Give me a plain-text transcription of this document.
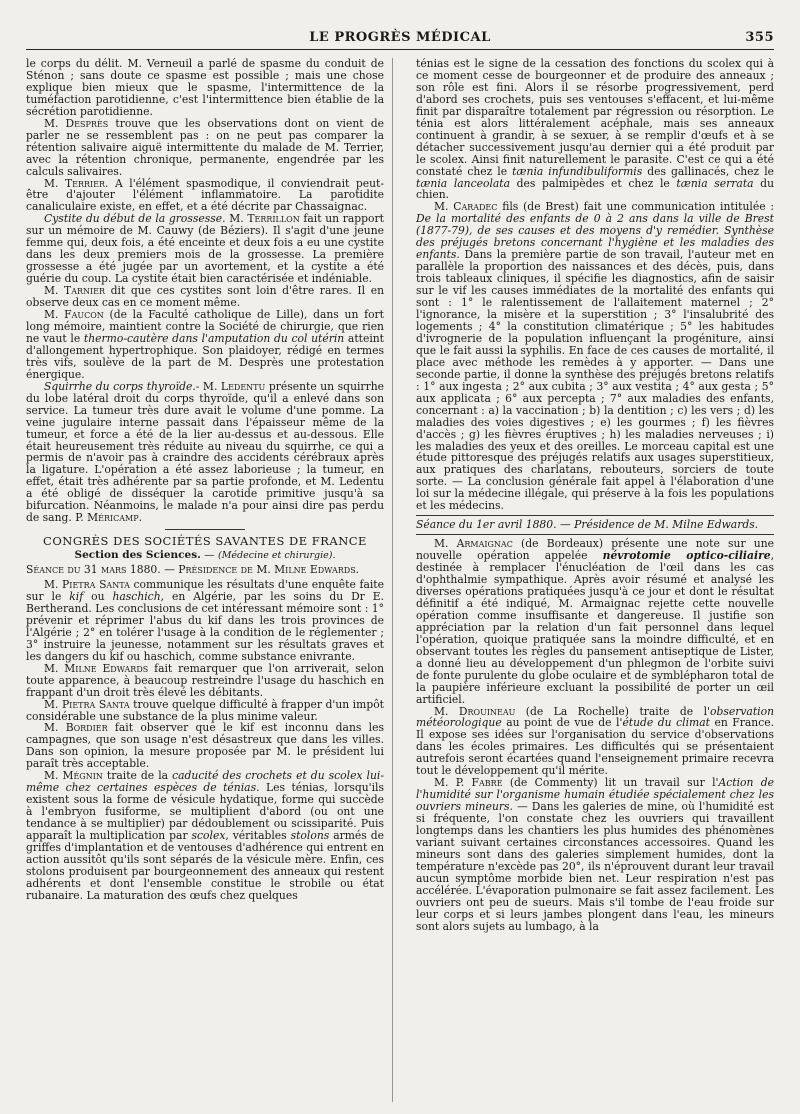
LE PROGRÈS MÉDICAL	355

le corps du délit. M. Verneuil a parlé de spasme du conduit de Sténon ; sans doute ce spasme est possible ; mais une chose explique bien mieux que le spasme, l'intermittence de la tuméfaction parotidienne, c'est l'intermittence bien établie de la sécrétion parotidienne.

M. Desprès trouve que les observations dont on vient de parler ne se ressemblent pas : on ne peut pas comparer la rétention salivaire aiguë intermittente du malade de M. Terrier, avec la rétention chronique, permanente, engendrée par les calculs salivaires.

M. Terrier. A l'élément spasmodique, il conviendrait peut-être d'ajouter l'élément inflammatoire. La parotidite canaliculaire existe, en effet, et a été décrite par Chassaignac.

Cystite du début de la grossesse. M. Terrillon fait un rapport sur un mémoire de M. Cauwy (de Béziers). Il s'agit d'une jeune femme qui, deux fois, a été enceinte et deux fois a eu une cystite dans les deux premiers mois de la grossesse. La première grossesse a été jugée par un avortement, et la cystite a été guérie du coup. La cystite était bien caractérisée et indéniable.

M. Tarnier dit que ces cystites sont loin d'être rares. Il en observe deux cas en ce moment même.

M. Faucon (de la Faculté catholique de Lille), dans un fort long mémoire, maintient contre la Société de chirurgie, que rien ne vaut le thermo-cautère dans l'amputation du col utérin atteint d'allongement hypertrophique. Son plaidoyer, rédigé en termes très vifs, soulève de la part de M. Desprès une protestation énergique.

Squirrhe du corps thyroïde.- M. Ledentu présente un squirrhe du lobe latéral droit du corps thyroïde, qu'il a enlevé dans son service. La tumeur très dure avait le volume d'une pomme. La veine jugulaire interne passait dans l'épaisseur même de la tumeur, et force a été de la lier au-dessus et au-dessous. Elle était heureusement très réduite au niveau du squirrhe, ce qui a permis de n'avoir pas à craindre des accidents cérébraux après la ligature. L'opération a été assez laborieuse ; la tumeur, en effet, était très adhérente par sa partie profonde, et M. Ledentu a été obligé de disséquer la carotide primitive jusqu'à sa bifurcation. Néanmoins, le malade n'a pour ainsi dire pas perdu de sang. P. Méricamp.

CONGRÈS DES SOCIÉTÉS SAVANTES DE FRANCE
Section des Sciences. — (Médecine et chirurgie).

Séance du 31 mars 1880. — Présidence de M. Milne Edwards.

M. Pietra Santa communique les résultats d'une enquête faite sur le kif ou haschich, en Algérie, par les soins du Dr E. Bertherand. Les conclusions de cet intéressant mémoire sont : 1° prévenir et réprimer l'abus du kif dans les trois provinces de l'Algérie ; 2° en tolérer l'usage à la condition de le réglementer ; 3° instruire la jeunesse, notamment sur les résultats graves et les dangers du kif ou haschich, comme substance enivrante.

M. Milne Edwards fait remarquer que l'on arriverait, selon toute apparence, à beaucoup restreindre l'usage du haschich en frappant d'un droit très élevé les débitants.

M. Pietra Santa trouve quelque difficulté à frapper d'un impôt considérable une substance de la plus minime valeur.

M. Bordier fait observer que le kif est inconnu dans les campagnes, que son usage n'est désastreux que dans les villes. Dans son opinion, la mesure proposée par M. le président lui paraît très acceptable.

M. Mégnin traite de la caducité des crochets et du scolex lui-même chez certaines espèces de ténias. Les ténias, lorsqu'ils existent sous la forme de vésicule hydatique, forme qui succède à l'embryon fusiforme, se multiplient d'abord (ou ont une tendance à se multiplier) par dédoublement ou scissiparité. Puis apparaît la multiplication par scolex, véritables stolons armés de griffes d'implantation et de ventouses d'adhérence qui entrent en action aussitôt qu'ils sont séparés de la vésicule mère. Enfin, ces stolons produisent par bourgeonnement des anneaux qui restent adhérents et dont l'ensemble constitue le strobile ou état rubanaire. La maturation des œufs chez quelques

ténias est le signe de la cessation des fonctions du scolex qui à ce moment cesse de bourgeonner et de produire des anneaux ; son rôle est fini. Alors il se résorbe progressivement, perd d'abord ses crochets, puis ses ventouses s'effacent, et lui-même finit par disparaître totalement par régression ou résorption. Le ténia est alors littéralement acéphale, mais ses anneaux continuent à grandir, à se sexuer, à se remplir d'œufs et à se détacher successivement jusqu'au dernier qui a été produit par le scolex. Ainsi finit naturellement le parasite. C'est ce qui a été constaté chez le tænia infundibuliformis des gallinacés, chez le tænia lanceolata des palmipèdes et chez le tænia serrata du chien.

M. Caradec fils (de Brest) fait une communication intitulée : De la mortalité des enfants de 0 à 2 ans dans la ville de Brest (1877-79), de ses causes et des moyens d'y remédier. Synthèse des préjugés bretons concernant l'hygiène et les maladies des enfants. Dans la première partie de son travail, l'auteur met en parallèle la proportion des naissances et des décès, puis, dans trois tableaux cliniques, il spécifie les diagnostics, afin de saisir sur le vif les causes immédiates de la mortalité des enfants qui sont : 1° le ralentissement de l'allaitement maternel ; 2° l'ignorance, la misère et la superstition ; 3° l'insalubrité des logements ; 4° la constitution climatérique ; 5° les habitudes d'ivrognerie de la population influençant la progéniture, ainsi que le fait aussi la syphilis. En face de ces causes de mortalité, il place avec méthode les remèdes à y apporter. — Dans une seconde partie, il donne la synthèse des préjugés bretons relatifs : 1° aux ingesta ; 2° aux cubita ; 3° aux vestita ; 4° aux gesta ; 5° aux applicata ; 6° aux percepta ; 7° aux maladies des enfants, concernant : a) la vaccination ; b) la dentition ; c) les vers ; d) les maladies des voies digestives ; e) les gourmes ; f) les fièvres d'accès ; g) les fièvres éruptives ; h) les maladies nerveuses ; i) les maladies des yeux et des oreilles. Le morceau capital est une étude pittoresque des préjugés relatifs aux usages superstitieux, aux pratiques des charlatans, rebouteurs, sorciers de toute sorte. — La conclusion générale fait appel à l'élaboration d'une loi sur la médecine illégale, qui préserve à la fois les populations et les médecins.

Séance du 1er avril 1880. — Présidence de M. Milne Edwards.

M. Armaignac (de Bordeaux) présente une note sur une nouvelle opération appelée névrotomie optico-ciliaire, destinée à remplacer l'énucléation de l'œil dans les cas d'ophthalmie sympathique. Après avoir résumé et analysé les diverses opérations pratiquées jusqu'à ce jour et dont le résultat définitif a été indiqué, M. Armaignac rejette cette nouvelle opération comme insuffisante et dangereuse. Il justifie son appréciation par la relation d'un fait personnel dans lequel l'opération, quoique pratiquée sans la moindre difficulté, et en observant toutes les règles du pansement antiseptique de Lister, a donné lieu au développement d'un phlegmon de l'orbite suivi de fonte purulente du globe oculaire et de symblépharon total de la paupière inférieure excluant la possibilité de porter un œil artificiel.

M. Drouineau (de La Rochelle) traite de l'observation météorologique au point de vue de l'étude du climat en France. Il expose ses idées sur l'organisation du service d'observations dans les écoles primaires. Les difficultés qui se présentaient autrefois seront écartées quand l'enseignement primaire recevra tout le développement qu'il mérite.

M. P. Fabre (de Commenty) lit un travail sur l'Action de l'humidité sur l'organisme humain étudiée spécialement chez les ouvriers mineurs. — Dans les galeries de mine, où l'humidité est si fréquente, l'on constate chez les ouvriers qui travaillent longtemps dans les chantiers les plus humides des phénomènes variant suivant certaines circonstances accessoires. Quand les mineurs sont dans des galeries simplement humides, dont la température n'excède pas 20°, ils n'éprouvent durant leur travail aucun symptôme morbide bien net. Leur respiration n'est pas accélérée. L'évaporation pulmonaire se fait assez facilement. Les ouvriers ont peu de sueurs. Mais s'il tombe de l'eau froide sur leur corps et si leurs jambes plongent dans l'eau, les mineurs sont alors sujets au lumbago, à la
